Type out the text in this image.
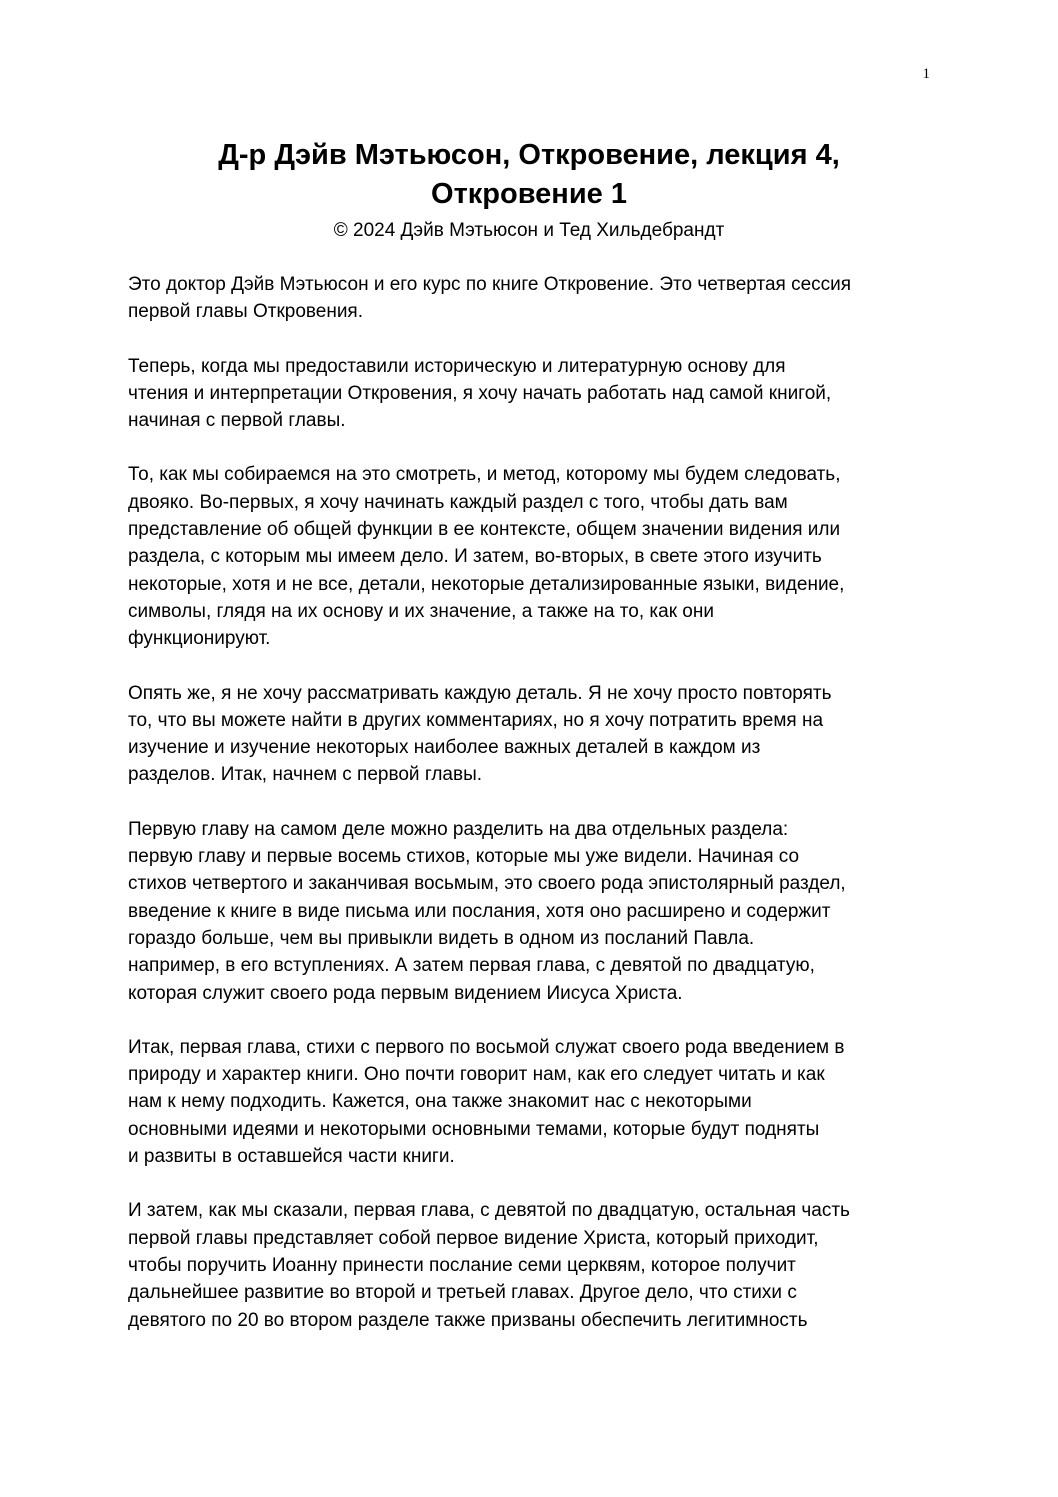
1
Д-р Дэйв Мэтьюсон, Откровение, лекция 4,
Откровение 1
© 2024 Дэйв Мэтьюсон и Тед Хильдебрандт

Это доктор Дэйв Мэтьюсон и его курс по книге Откровение. Это четвертая сессия
первой главы Откровения.

Теперь, когда мы предоставили историческую и литературную основу для
чтения и интерпретации Откровения, я хочу начать работать над самой книгой,
начиная с первой главы.

То, как мы собираемся на это смотреть, и метод, которому мы будем следовать,
двояко. Во-первых, я хочу начинать каждый раздел с того, чтобы дать вам
представление об общей функции в ее контексте, общем значении видения или
раздела, с которым мы имеем дело. И затем, во-вторых, в свете этого изучить
некоторые, хотя и не все, детали, некоторые детализированные языки, видение,
символы, глядя на их основу и их значение, а также на то, как они
функционируют.

Опять же, я не хочу рассматривать каждую деталь. Я не хочу просто повторять
то, что вы можете найти в других комментариях, но я хочу потратить время на
изучение и изучение некоторых наиболее важных деталей в каждом из
разделов. Итак, начнем с первой главы.

Первую главу на самом деле можно разделить на два отдельных раздела:
первую главу и первые восемь стихов, которые мы уже видели. Начиная со
стихов четвертого и заканчивая восьмым, это своего рода эпистолярный раздел,
введение к книге в виде письма или послания, хотя оно расширено и содержит
гораздо больше, чем вы привыкли видеть в одном из посланий Павла.
например, в его вступлениях. А затем первая глава, с девятой по двадцатую,
которая служит своего рода первым видением Иисуса Христа.

Итак, первая глава, стихи с первого по восьмой служат своего рода введением в
природу и характер книги. Оно почти говорит нам, как его следует читать и как
нам к нему подходить. Кажется, она также знакомит нас с некоторыми
основными идеями и некоторыми основными темами, которые будут подняты
и развиты в оставшейся части книги.

И затем, как мы сказали, первая глава, с девятой по двадцатую, остальная часть
первой главы представляет собой первое видение Христа, который приходит,
чтобы поручить Иоанну принести послание семи церквям, которое получит
дальнейшее развитие во второй и третьей главах. Другое дело, что стихи с
девятого по 20 во втором разделе также призваны обеспечить легитимность
